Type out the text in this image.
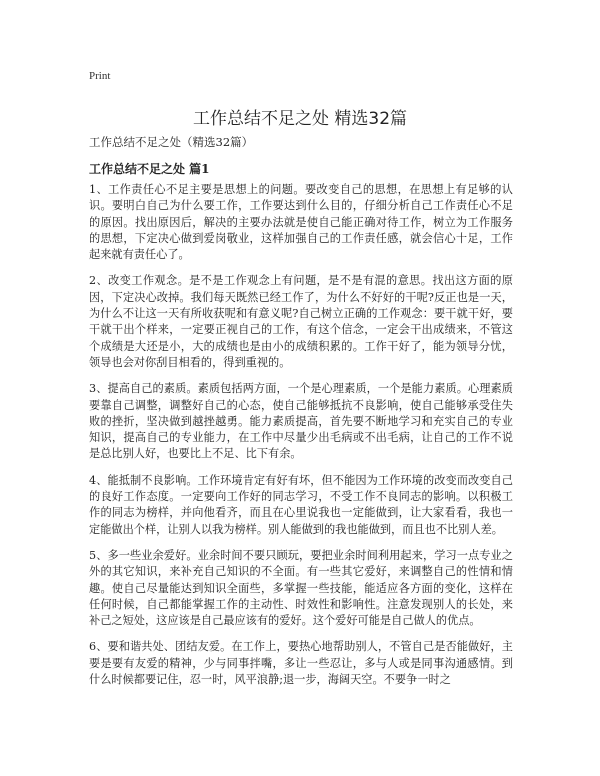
Print
工作总结不足之处 精选32篇
工作总结不足之处（精选32篇）
工作总结不足之处 篇1

1、工作责任心不足主要是思想上的问题。要改变自己的思想，在思想上有足够的认识。要明白自己为什么要工作，工作要达到什么目的，仔细分析自己工作责任心不足的原因。找出原因后，解决的主要办法就是使自己能正确对待工作，树立为工作服务的思想，下定决心做到爱岗敬业，这样加强自己的工作责任感，就会信心十足，工作起来就有责任心了。

2、改变工作观念。是不是工作观念上有问题，是不是有混的意思。找出这方面的原因，下定决心改掉。我们每天既然已经工作了，为什么不好好的干呢?反正也是一天，为什么不让这一天有所收获呢和有意义呢?自己树立正确的工作观念：要干就干好，要干就干出个样来，一定要正视自己的工作，有这个信念，一定会干出成绩来，不管这个成绩是大还是小，大的成绩也是由小的成绩积累的。工作干好了，能为领导分忧，领导也会对你刮目相看的，得到重视的。

3、提高自己的素质。素质包括两方面，一个是心理素质，一个是能力素质。心理素质要靠自己调整，调整好自己的心态，使自己能够抵抗不良影响，使自己能够承受住失败的挫折，坚决做到越挫越勇。能力素质提高，首先要不断地学习和充实自己的专业知识，提高自己的专业能力，在工作中尽量少出毛病或不出毛病，让自己的工作不说是总比别人好，也要比上不足、比下有余。

4、能抵制不良影响。工作环境肯定有好有坏，但不能因为工作环境的改变而改变自己的良好工作态度。一定要向工作好的同志学习，不受工作不良同志的影响。以积极工作的同志为榜样，并向他看齐，而且在心里说我也一定能做到，让大家看看，我也一定能做出个样，让别人以我为榜样。别人能做到的我也能做到，而且也不比别人差。

5、多一些业余爱好。业余时间不要只顾玩，要把业余时间利用起来，学习一点专业之外的其它知识，来补充自己知识的不全面。有一些其它爱好，来调整自己的性情和情趣。使自己尽量能达到知识全面些，多掌握一些技能，能适应各方面的变化，这样在任何时候，自己都能掌握工作的主动性、时效性和影响性。注意发现别人的长处，来补己之短处，这应该是自己最应该有的爱好。这个爱好可能是自己做人的优点。

6、要和谐共处、团结友爱。在工作上，要热心地帮助别人，不管自己是否能做好，主要是要有友爱的精神，少与同事拌嘴，多让一些忍让，多与人或是同事沟通感情。到什么时候都要记住，忍一时，风平浪静;退一步，海阔天空。不要争一时之
